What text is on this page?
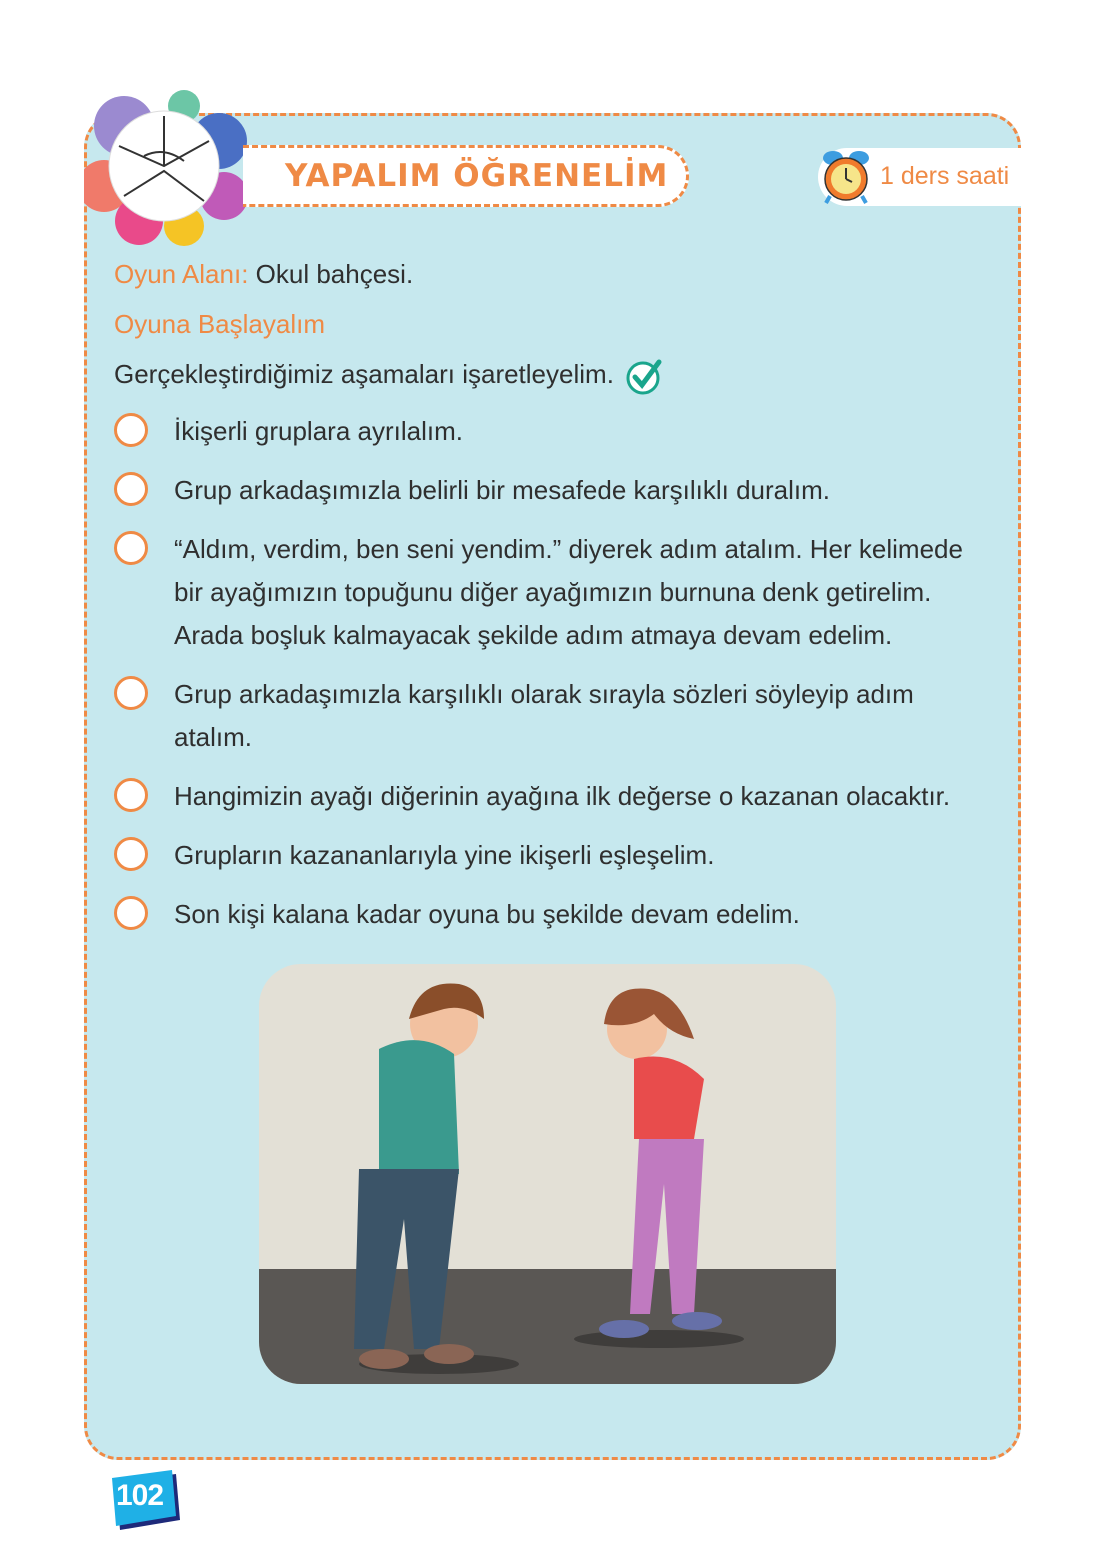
YAPALIM ÖĞRENELİM	1 ders saati
Oyun Alanı: Okul bahçesi.
Oyuna Başlayalım
Gerçekleştirdiğimiz aşamaları işaretleyelim.
İkişerli gruplara ayrılalım.
Grup arkadaşımızla belirli bir mesafede karşılıklı duralım.
“Aldım, verdim, ben seni yendim.” diyerek adım atalım. Her kelimede bir ayağımızın topuğunu diğer ayağımızın burnuna denk getirelim. Arada boşluk kalmayacak şekilde adım atmaya devam edelim.
Grup arkadaşımızla karşılıklı olarak sırayla sözleri söyleyip adım atalım.
Hangimizin ayağı diğerinin ayağına ilk değerse o kazanan olacaktır.
Grupların kazananlarıyla yine ikişerli eşleşelim.
Son kişi kalana kadar oyuna bu şekilde devam edelim.
102
